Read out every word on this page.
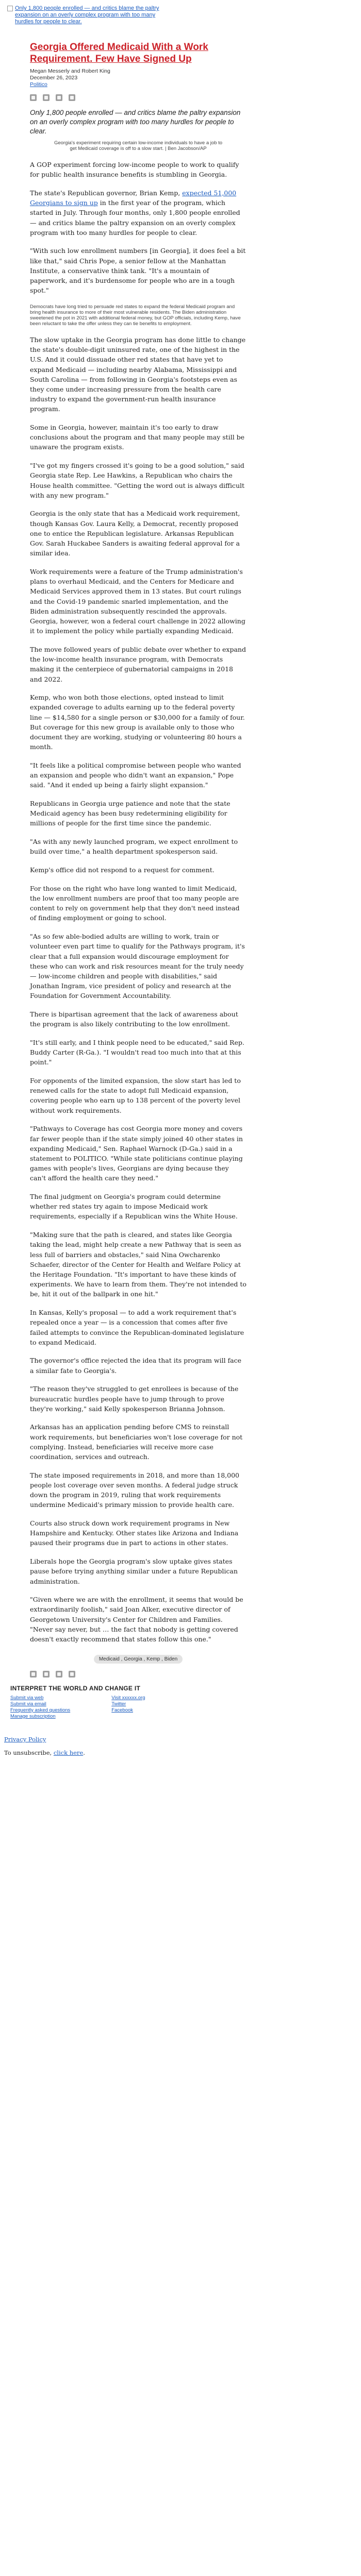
Only 1,800 people enrolled — and critics blame the paltry expansion on an overly complex program with too many hurdles for people to clear.
Georgia Offered Medicaid With a Work Requirement. Few Have Signed Up
Megan Messerly and Robert King
December 26, 2023
Politico
Only 1,800 people enrolled — and critics blame the paltry expansion on an overly complex program with too many hurdles for people to clear.
Georgia's experiment requiring certain low-income individuals to have a job to get Medicaid coverage is off to a slow start. | Ben Jacobson/AP

A GOP experiment forcing low-income people to work to qualify for public health insurance benefits is stumbling in Georgia.

The state's Republican governor, Brian Kemp, expected 51,000 Georgians to sign up in the first year of the program, which started in July. Through four months, only 1,800 people enrolled — and critics blame the paltry expansion on an overly complex program with too many hurdles for people to clear.

"With such low enrollment numbers [in Georgia], it does feel a bit like that," said Chris Pope, a senior fellow at the Manhattan Institute, a conservative think tank. "It's a mountain of paperwork, and it's burdensome for people who are in a tough spot."

Democrats have long tried to persuade red states to expand the federal Medicaid program and bring health insurance to more of their most vulnerable residents. The Biden administration sweetened the pot in 2021 with additional federal money, but GOP officials, including Kemp, have been reluctant to take the offer unless they can tie benefits to employment.

The slow uptake in the Georgia program has done little to change the state's double-digit uninsured rate, one of the highest in the U.S. And it could dissuade other red states that have yet to expand Medicaid — including nearby Alabama, Mississippi and South Carolina — from following in Georgia's footsteps even as they come under increasing pressure from the health care industry to expand the government-run health insurance program.

Some in Georgia, however, maintain it's too early to draw conclusions about the program and that many people may still be unaware the program exists.

"I've got my fingers crossed it's going to be a good solution," said Georgia state Rep. Lee Hawkins, a Republican who chairs the House health committee. "Getting the word out is always difficult with any new program."

Georgia is the only state that has a Medicaid work requirement, though Kansas Gov. Laura Kelly, a Democrat, recently proposed one to entice the Republican legislature. Arkansas Republican Gov. Sarah Huckabee Sanders is awaiting federal approval for a similar idea.

Work requirements were a feature of the Trump administration's plans to overhaul Medicaid, and the Centers for Medicare and Medicaid Services approved them in 13 states. But court rulings and the Covid-19 pandemic snarled implementation, and the Biden administration subsequently rescinded the approvals. Georgia, however, won a federal court challenge in 2022 allowing it to implement the policy while partially expanding Medicaid.

The move followed years of public debate over whether to expand the low-income health insurance program, with Democrats making it the centerpiece of gubernatorial campaigns in 2018 and 2022.

Kemp, who won both those elections, opted instead to limit expanded coverage to adults earning up to the federal poverty line — $14,580 for a single person or $30,000 for a family of four. But coverage for this new group is available only to those who document they are working, studying or volunteering 80 hours a month.

"It feels like a political compromise between people who wanted an expansion and people who didn't want an expansion," Pope said. "And it ended up being a fairly slight expansion."

Republicans in Georgia urge patience and note that the state Medicaid agency has been busy redetermining eligibility for millions of people for the first time since the pandemic.

"As with any newly launched program, we expect enrollment to build over time," a health department spokesperson said.

Kemp's office did not respond to a request for comment.

For those on the right who have long wanted to limit Medicaid, the low enrollment numbers are proof that too many people are content to rely on government help that they don't need instead of finding employment or going to school.

"As so few able-bodied adults are willing to work, train or volunteer even part time to qualify for the Pathways program, it's clear that a full expansion would discourage employment for these who can work and risk resources meant for the truly needy — low-income children and people with disabilities," said Jonathan Ingram, vice president of policy and research at the Foundation for Government Accountability.

There is bipartisan agreement that the lack of awareness about the program is also likely contributing to the low enrollment.

"It's still early, and I think people need to be educated," said Rep. Buddy Carter (R-Ga.). "I wouldn't read too much into that at this point."

For opponents of the limited expansion, the slow start has led to renewed calls for the state to adopt full Medicaid expansion, covering people who earn up to 138 percent of the poverty level without work requirements.

"Pathways to Coverage has cost Georgia more money and covers far fewer people than if the state simply joined 40 other states in expanding Medicaid," Sen. Raphael Warnock (D-Ga.) said in a statement to POLITICO. "While state politicians continue playing games with people's lives, Georgians are dying because they can't afford the health care they need."

The final judgment on Georgia's program could determine whether red states try again to impose Medicaid work requirements, especially if a Republican wins the White House.

"Making sure that the path is cleared, and states like Georgia taking the lead, might help create a new Pathway that is seen as less full of barriers and obstacles," said Nina Owcharenko Schaefer, director of the Center for Health and Welfare Policy at the Heritage Foundation. "It's important to have these kinds of experiments. We have to learn from them. They're not intended to be, hit it out of the ballpark in one hit."

In Kansas, Kelly's proposal — to add a work requirement that's repealed once a year — is a concession that comes after five failed attempts to convince the Republican-dominated legislature to expand Medicaid.

The governor's office rejected the idea that its program will face a similar fate to Georgia's.

"The reason they've struggled to get enrollees is because of the bureaucratic hurdles people have to jump through to prove they're working," said Kelly spokesperson Brianna Johnson.

Arkansas has an application pending before CMS to reinstall work requirements, but beneficiaries won't lose coverage for not complying. Instead, beneficiaries will receive more case coordination, services and outreach.

The state imposed requirements in 2018, and more than 18,000 people lost coverage over seven months. A federal judge struck down the program in 2019, ruling that work requirements undermine Medicaid's primary mission to provide health care.

Courts also struck down work requirement programs in New Hampshire and Kentucky. Other states like Arizona and Indiana paused their programs due in part to actions in other states.

Liberals hope the Georgia program's slow uptake gives states pause before trying anything similar under a future Republican administration.

"Given where we are with the enrollment, it seems that would be extraordinarily foolish," said Joan Alker, executive director of Georgetown University's Center for Children and Families. "Never say never, but … the fact that nobody is getting covered doesn't exactly recommend that states follow this one."

Medicaid , Georgia , Kemp , Biden
INTERPRET THE WORLD AND CHANGE IT
Submit via web
Submit via email
Frequently asked questions
Manage subscription
Visit xxxxxx.org
Twitter
Facebook
Privacy Policy
To unsubscribe, click here.
